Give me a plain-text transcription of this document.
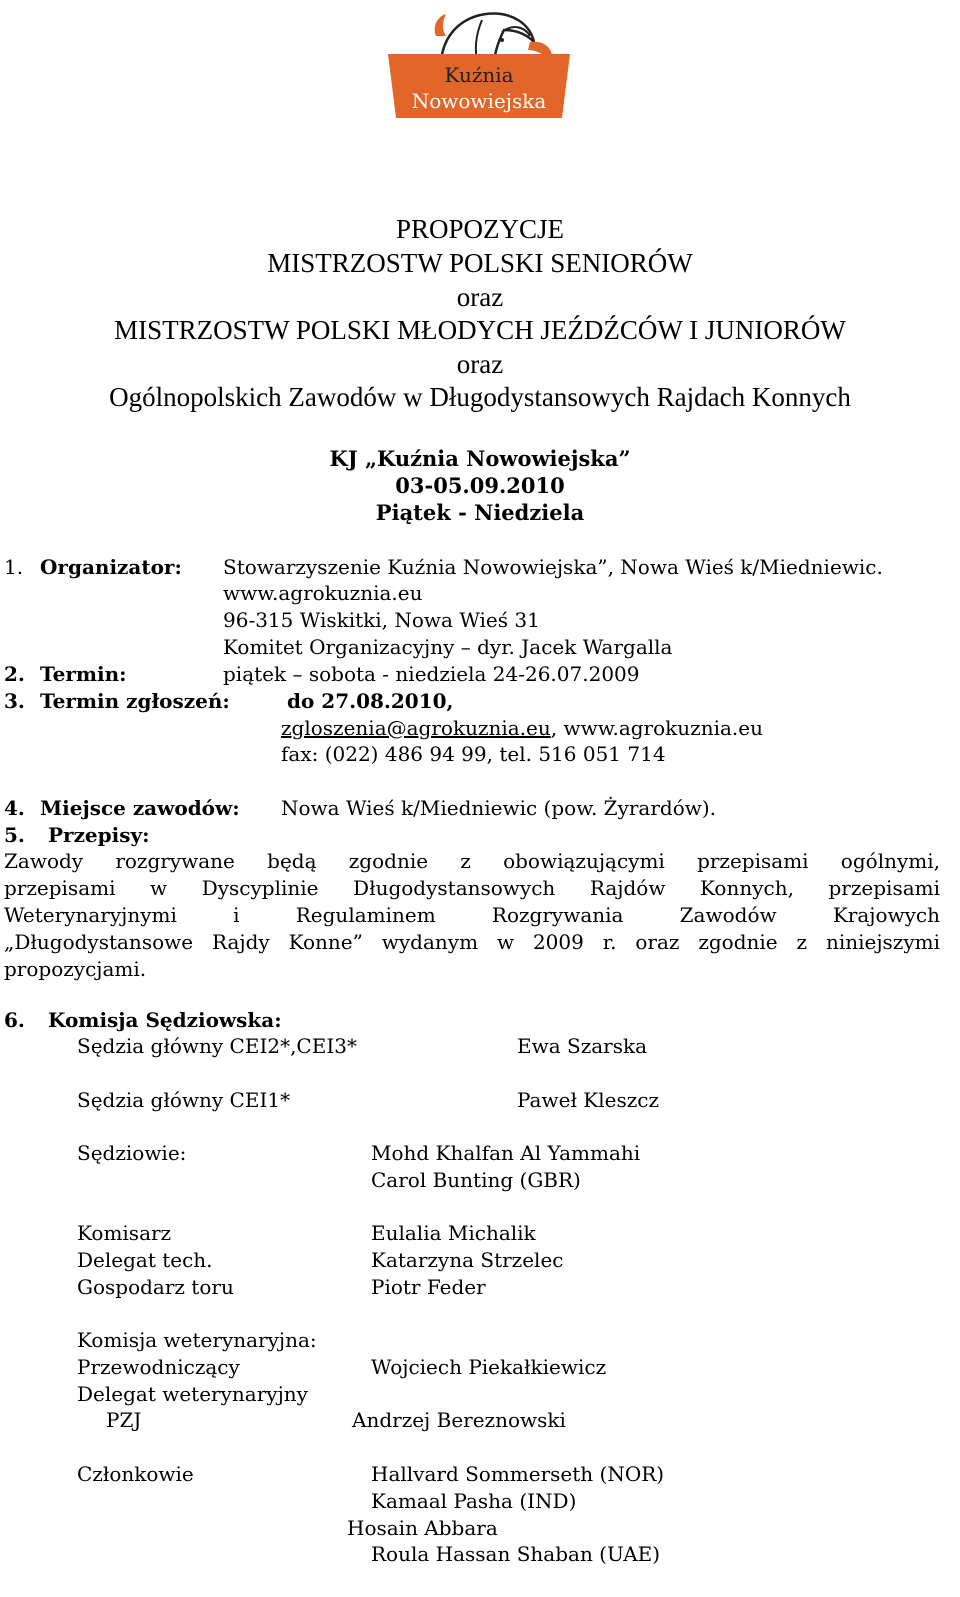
Kuźnia
Nowowiejska
PROPOZYCJE
MISTRZOSTW POLSKI SENIORÓW
oraz
MISTRZOSTW POLSKI MŁODYCH JEŹDŹCÓW I JUNIORÓW
oraz
Ogólnopolskich Zawodów w Długodystansowych Rajdach Konnych
KJ „Kuźnia Nowowiejska”
03-05.09.2010
Piątek - Niedziela
1. Organizator: Stowarzyszenie Kuźnia Nowowiejska”, Nowa Wieś k/Miedniewic.
www.agrokuznia.eu
96-315 Wiskitki, Nowa Wieś 31
Komitet Organizacyjny – dyr. Jacek Wargalla
2. Termin:	piątek – sobota - niedziela 24-26.07.2009
3. Termin zgłoszeń:	do 27.08.2010,
zgloszenia@agrokuznia.eu, www.agrokuznia.eu
fax: (022) 486 94 99, tel. 516 051 714
4. Miejsce zawodów: Nowa Wieś k/Miedniewic (pow. Żyrardów).
5. Przepisy:
Zawody rozgrywane będą zgodnie z obowiązującymi przepisami ogólnymi,
przepisami w Dyscyplinie Długodystansowych Rajdów Konnych, przepisami
Weterynaryjnymi i Regulaminem Rozgrywania Zawodów Krajowych
„Długodystansowe Rajdy Konne” wydanym w 2009 r. oraz zgodnie z niniejszymi
propozycjami.
6. Komisja Sędziowska:
Sędzia główny CEI2*,CEI3*	Ewa Szarska
Sędzia główny CEI1*	Paweł Kleszcz
Sędziowie:	Mohd Khalfan Al Yammahi
Carol Bunting (GBR)
Komisarz	Eulalia Michalik
Delegat tech.	Katarzyna Strzelec
Gospodarz toru	Piotr Feder
Komisja weterynaryjna:
Przewodniczący	Wojciech Piekałkiewicz
Delegat weterynaryjny
PZJ	Andrzej Bereznowski
Członkowie	Hallvard Sommerseth (NOR)
Kamaal Pasha (IND)
Hosain Abbara
Roula Hassan Shaban (UAE)
